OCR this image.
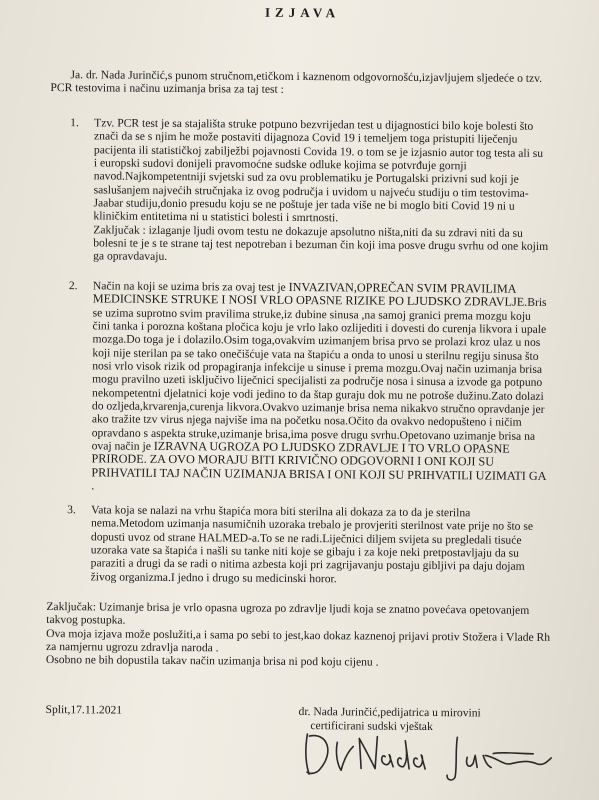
IZJAVA

Ja. dr. Nada Jurinčić,s punom stručnom,etičkom i kaznenom odgovornošću,izjavljujem sljedeće o tzv. PCR testovima i načinu uzimanja brisa za taj test :

1. Tzv. PCR test je sa stajališta struke potpuno bezvrijedan test u dijagnostici bilo koje bolesti što znači da se s njim he može postaviti dijagnoza Covid 19 i temeljem toga pristupiti liječenju pacijenta ili statističkoj zabilježbi pojavnosti Covida 19. o tom se je izjasnio autor tog testa ali su i europski sudovi donijeli pravomoćne sudske odluke kojima se potvrđuje gornji navod.Najkompetentniji svjetski sud za ovu problematiku je Portugalski prizivni sud koji je saslušanjem najvećih stručnjaka iz ovog područja i uvidom u najveću studiju o tim testovima-Jaabar studiju,donio presudu koju se ne poštuje jer tada više ne bi moglo biti Covid 19 ni u kliničkim entitetima ni u statistici bolesti i smrtnosti.
Zaključak : izlaganje ljudi ovom testu ne dokazuje apsolutno ništa,niti da su zdravi niti da su bolesni te je s te strane taj test nepotreban i bezuman čin koji ima posve drugu svrhu od one kojim ga opravdavaju.
2. Način na koji se uzima bris za ovaj test je INVAZIVAN,OPREČAN SVIM PRAVILIMA MEDICINSKE STRUKE I NOSI VRLO OPASNE RIZIKE PO LJUDSKO ZDRAVLJE.Bris se uzima suprotno svim pravilima struke,iz dubine sinusa ,na samoj granici prema mozgu koju čini tanka i porozna koštana pločica koju je vrlo lako ozlijediti i dovesti do curenja likvora i upale mozga.Do toga je i dolazilo.Osim toga,ovakvim uzimanjem brisa prvo se prolazi kroz ulaz u nos koji nije sterilan pa se tako onečišćuje vata na štapiću a onda to unosi u sterilnu regiju sinusa što nosi vrlo visok rizik od propagiranja infekcije u sinuse i prema mozgu.Ovaj način uzimanja brisa mogu pravilno uzeti isključivo liječnici specijalisti za područje nosa i sinusa a izvode ga potpuno nekompetentni djelatnici koje vodi jedino to da štap guraju dok mu ne potroše dužinu.Zato dolazi do ozljeda,krvarenja,curenja likvora.Ovakvo uzimanje brisa nema nikakvo stručno opravdanje jer ako tražite tzv virus njega najviše ima na početku nosa.Očito da ovakvo nedopušteno i ničim opravdano s aspekta struke,uzimanje brisa,ima posve drugu svrhu.Opetovano uzimanje brisa na ovaj način je IZRAVNA UGROZA PO LJUDSKO ZDRAVLJE I TO VRLO OPASNE PRIRODE. ZA OVO MORAJU BITI KRIVIČNO ODGOVORNI I ONI KOJI SU PRIHVATILI TAJ NAČIN UZIMANJA BRISA I ONI KOJI SU PRIHVATILI UZIMATI GA .
3. Vata koja se nalazi na vrhu štapića mora biti sterilna ali dokaza za to da je sterilna nema.Metodom uzimanja nasumičnih uzoraka trebalo je provjeriti sterilnost vate prije no što se dopusti uvoz od strane HALMED-a.To se ne radi.Liječnici diljem svijeta su pregledali tisuće uzoraka vate sa štapića i našli su tanke niti koje se gibaju i za koje neki pretpostavljaju da su paraziti a drugi da se radi o nitima azbesta koji pri zagrijavanju postaju gibljivi pa daju dojam živog organizma.I jedno i drugo su medicinski horor.
Zaključak: Uzimanje brisa je vrlo opasna ugroza po zdravlje ljudi koja se znatno povećava opetovanjem takvog postupka.
Ova moja izjava može poslužiti,a i sama po sebi to jest,kao dokaz kaznenoj prijavi protiv Stožera i Vlade Rh za namjernu ugrozu zdravlja naroda .
Osobno ne bih dopustila takav način uzimanja brisa ni pod koju cijenu .
Split,17.11.2021	dr. Nada Jurinčić,pedijatrica u mirovini
certificirani sudski vještak
